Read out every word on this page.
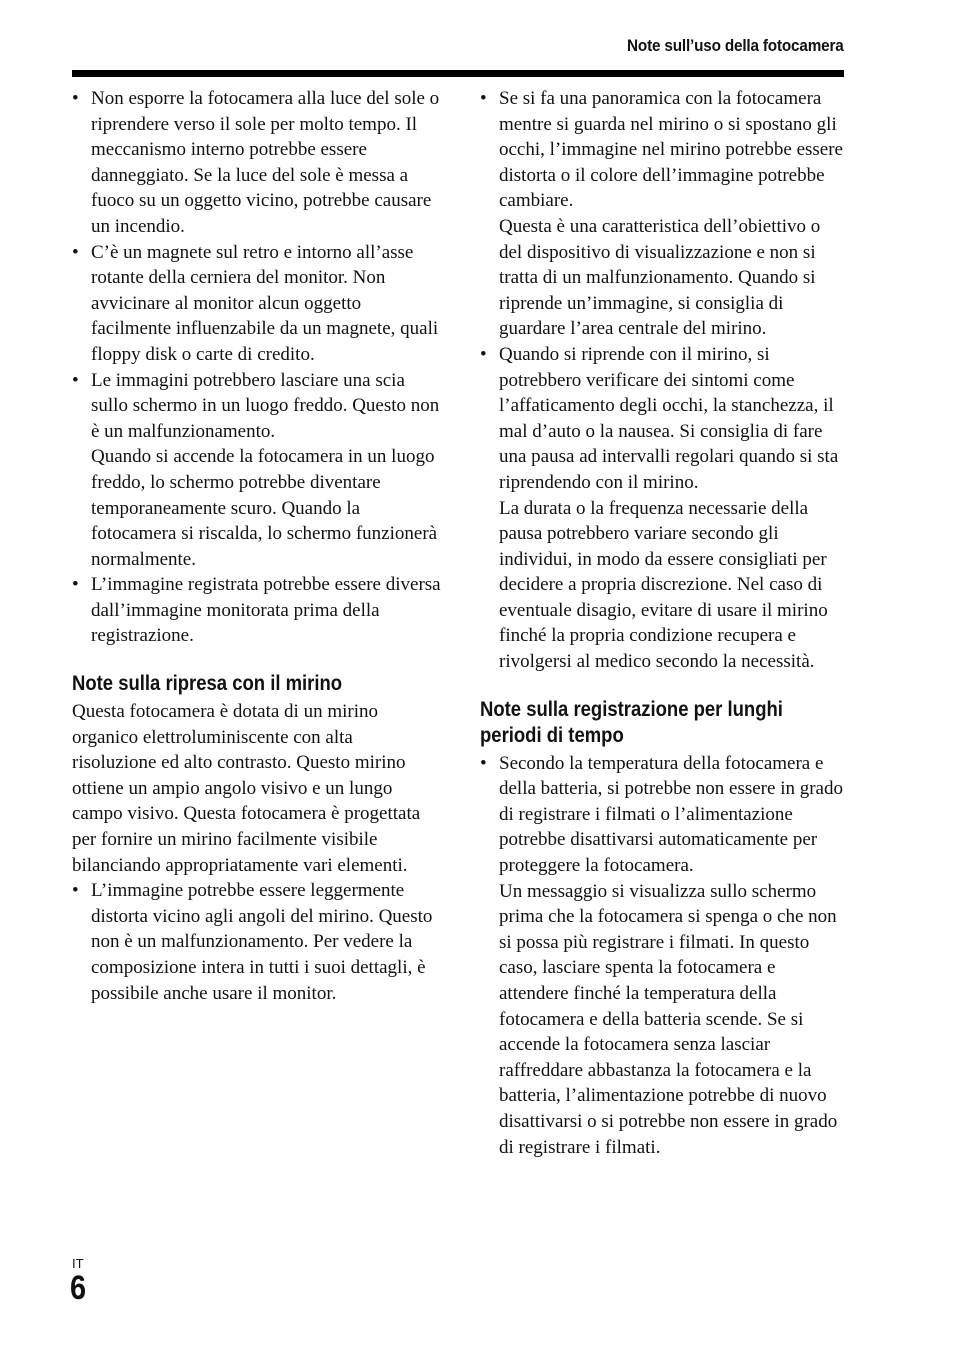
Note sull’uso della fotocamera
• Non esporre la fotocamera alla luce del sole o riprendere verso il sole per molto tempo. Il meccanismo interno potrebbe essere danneggiato. Se la luce del sole è messa a fuoco su un oggetto vicino, potrebbe causare un incendio.
• C’è un magnete sul retro e intorno all’asse rotante della cerniera del monitor. Non avvicinare al monitor alcun oggetto facilmente influenzabile da un magnete, quali floppy disk o carte di credito.
• Le immagini potrebbero lasciare una scia sullo schermo in un luogo freddo. Questo non è un malfunzionamento.
Quando si accende la fotocamera in un luogo freddo, lo schermo potrebbe diventare temporaneamente scuro. Quando la fotocamera si riscalda, lo schermo funzionerà normalmente.
• L’immagine registrata potrebbe essere diversa dall’immagine monitorata prima della registrazione.
Note sulla ripresa con il mirino

Questa fotocamera è dotata di un mirino organico elettroluminiscente con alta risoluzione ed alto contrasto. Questo mirino ottiene un ampio angolo visivo e un lungo campo visivo. Questa fotocamera è progettata per fornire un mirino facilmente visibile bilanciando appropriatamente vari elementi.

• L’immagine potrebbe essere leggermente distorta vicino agli angoli del mirino. Questo non è un malfunzionamento. Per vedere la composizione intera in tutti i suoi dettagli, è possibile anche usare il monitor.
• Se si fa una panoramica con la fotocamera mentre si guarda nel mirino o si spostano gli occhi, l’immagine nel mirino potrebbe essere distorta o il colore dell’immagine potrebbe cambiare.
Questa è una caratteristica dell’obiettivo o del dispositivo di visualizzazione e non si tratta di un malfunzionamento. Quando si riprende un’immagine, si consiglia di guardare l’area centrale del mirino.
• Quando si riprende con il mirino, si potrebbero verificare dei sintomi come l’affaticamento degli occhi, la stanchezza, il mal d’auto o la nausea. Si consiglia di fare una pausa ad intervalli regolari quando si sta riprendendo con il mirino.
La durata o la frequenza necessarie della pausa potrebbero variare secondo gli individui, in modo da essere consigliati per decidere a propria discrezione. Nel caso di eventuale disagio, evitare di usare il mirino finché la propria condizione recupera e rivolgersi al medico secondo la necessità.
Note sulla registrazione per lunghi periodi di tempo
• Secondo la temperatura della fotocamera e della batteria, si potrebbe non essere in grado di registrare i filmati o l’alimentazione potrebbe disattivarsi automaticamente per proteggere la fotocamera.
Un messaggio si visualizza sullo schermo prima che la fotocamera si spenga o che non si possa più registrare i filmati. In questo caso, lasciare spenta la fotocamera e attendere finché la temperatura della fotocamera e della batteria scende. Se si accende la fotocamera senza lasciar raffreddare abbastanza la fotocamera e la batteria, l’alimentazione potrebbe di nuovo disattivarsi o si potrebbe non essere in grado di registrare i filmati.
IT
6
